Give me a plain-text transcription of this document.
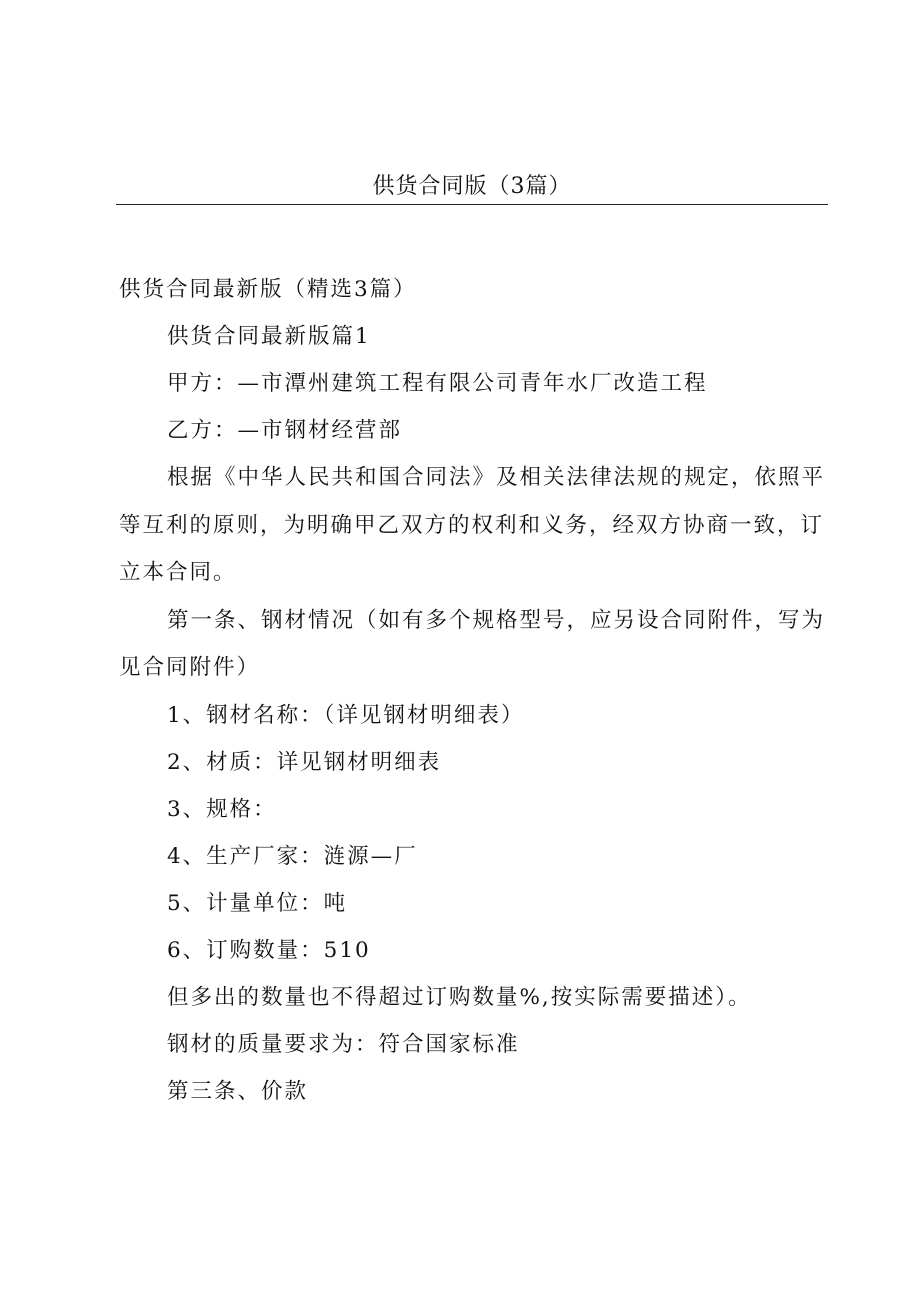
供货合同版（3篇）

供货合同最新版（精选3篇）

供货合同最新版篇1

甲方：—市潭州建筑工程有限公司青年水厂改造工程

乙方：—市钢材经营部

根据《中华人民共和国合同法》及相关法律法规的规定，依照平等互利的原则，为明确甲乙双方的权利和义务，经双方协商一致，订立本合同。

第一条、钢材情况（如有多个规格型号，应另设合同附件，写为见合同附件）

1、钢材名称：（详见钢材明细表）

2、材质：详见钢材明细表

3、规格：

4、生产厂家：涟源—厂

5、计量单位：吨

6、订购数量：510

但多出的数量也不得超过订购数量%,按实际需要描述）。

钢材的质量要求为：符合国家标准

第三条、价款
